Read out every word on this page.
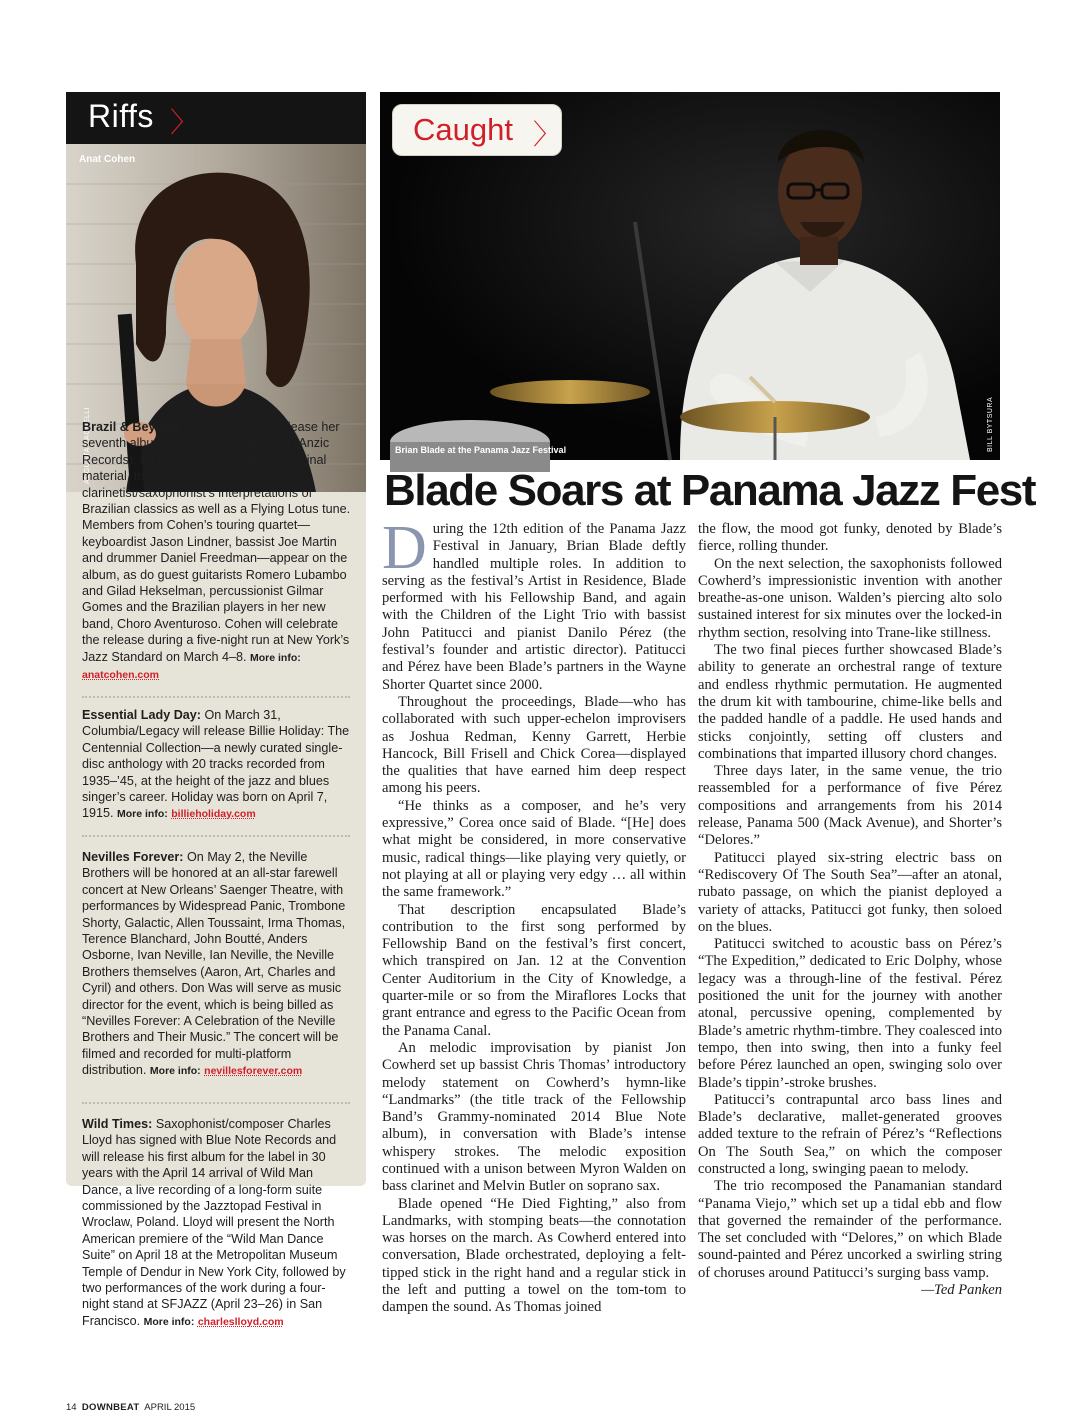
Riffs 〉
Anat Cohen
AUGUSTA SAGNELLI
Brazil & Beyond: Anat Cohen will release her seventh album as a leader, Luminosa (Anzic Records), on March 3. In addition to original material, the CD includes the clarinetist/saxophonist’s interpretations of Brazilian classics as well as a Flying Lotus tune. Members from Cohen’s touring quartet—keyboardist Jason Lindner, bassist Joe Martin and drummer Daniel Freedman—appear on the album, as do guest guitarists Romero Lubambo and Gilad Hekselman, percussionist Gilmar Gomes and the Brazilian players in her new band, Choro Aventuroso. Cohen will celebrate the release during a five-night run at New York’s Jazz Standard on March 4–8. More info: anatcohen.com
Essential Lady Day: On March 31, Columbia/Legacy will release Billie Holiday: The Centennial Collection—a newly curated single-disc anthology with 20 tracks recorded from 1935–’45, at the height of the jazz and blues singer’s career. Holiday was born on April 7, 1915. More info: billieholiday.com
Nevilles Forever: On May 2, the Neville Brothers will be honored at an all-star farewell concert at New Orleans’ Saenger Theatre, with performances by Widespread Panic, Trombone Shorty, Galactic, Allen Toussaint, Irma Thomas, Terence Blanchard, John Boutté, Anders Osborne, Ivan Neville, Ian Neville, the Neville Brothers themselves (Aaron, Art, Charles and Cyril) and others. Don Was will serve as music director for the event, which is being billed as “Nevilles Forever: A Celebration of the Neville Brothers and Their Music.” The concert will be filmed and recorded for multi-platform distribution. More info: nevillesforever.com
Wild Times: Saxophonist/composer Charles Lloyd has signed with Blue Note Records and will release his first album for the label in 30 years with the April 14 arrival of Wild Man Dance, a live recording of a long-form suite commissioned by the Jazztopad Festival in Wroclaw, Poland. Lloyd will present the North American premiere of the “Wild Man Dance Suite” on April 18 at the Metropolitan Museum Temple of Dendur in New York City, followed by two performances of the work during a four-night stand at SFJAZZ (April 23–26) in San Francisco. More info: charleslloyd.com
Caught 〉
Brian Blade at the Panama Jazz Festival	BILL BYTSURA
Blade Soars at Panama Jazz Fest

During the 12th edition of the Panama Jazz Festival in January, Brian Blade deftly handled multiple roles. In addition to serving as the festival’s Artist in Residence, Blade performed with his Fellowship Band, and again with the Children of the Light Trio with bassist John Patitucci and pianist Danilo Pérez (the festival’s founder and artistic director). Patitucci and Pérez have been Blade’s partners in the Wayne Shorter Quartet since 2000.

Throughout the proceedings, Blade—who has collaborated with such upper-echelon improvisers as Joshua Redman, Kenny Garrett, Herbie Hancock, Bill Frisell and Chick Corea—displayed the qualities that have earned him deep respect among his peers.

“He thinks as a composer, and he’s very expressive,” Corea once said of Blade. “[He] does what might be considered, in more conservative music, radical things—like playing very quietly, or not playing at all or playing very edgy … all within the same framework.”

That description encapsulated Blade’s contribution to the first song performed by Fellowship Band on the festival’s first concert, which transpired on Jan. 12 at the Convention Center Auditorium in the City of Knowledge, a quarter-mile or so from the Miraflores Locks that grant entrance and egress to the Pacific Ocean from the Panama Canal.

An melodic improvisation by pianist Jon Cowherd set up bassist Chris Thomas’ introductory melody statement on Cowherd’s hymn-like “Landmarks” (the title track of the Fellowship Band’s Grammy-nominated 2014 Blue Note album), in conversation with Blade’s intense whispery strokes. The melodic exposition continued with a unison between Myron Walden on bass clarinet and Melvin Butler on soprano sax.

Blade opened “He Died Fighting,” also from Landmarks, with stomping beats—the connotation was horses on the march. As Cowherd entered into conversation, Blade orchestrated, deploying a felt-tipped stick in the right hand and a regular stick in the left and putting a towel on the tom-tom to dampen the sound. As Thomas joined

the flow, the mood got funky, denoted by Blade’s fierce, rolling thunder.

On the next selection, the saxophonists followed Cowherd’s impressionistic invention with another breathe-as-one unison. Walden’s piercing alto solo sustained interest for six minutes over the locked-in rhythm section, resolving into Trane-like stillness.

The two final pieces further showcased Blade’s ability to generate an orchestral range of texture and endless rhythmic permutation. He augmented the drum kit with tambourine, chime-like bells and the padded handle of a paddle. He used hands and sticks conjointly, setting off clusters and combinations that imparted illusory chord changes.

Three days later, in the same venue, the trio reassembled for a performance of five Pérez compositions and arrangements from his 2014 release, Panama 500 (Mack Avenue), and Shorter’s “Delores.”

Patitucci played six-string electric bass on “Rediscovery Of The South Sea”—after an atonal, rubato passage, on which the pianist deployed a variety of attacks, Patitucci got funky, then soloed on the blues.

Patitucci switched to acoustic bass on Pérez’s “The Expedition,” dedicated to Eric Dolphy, whose legacy was a through-line of the festival. Pérez positioned the unit for the journey with another atonal, percussive opening, complemented by Blade’s ametric rhythm-timbre. They coalesced into tempo, then into swing, then into a funky feel before Pérez launched an open, swinging solo over Blade’s tippin’-stroke brushes.

Patitucci’s contrapuntal arco bass lines and Blade’s declarative, mallet-generated grooves added texture to the refrain of Pérez’s “Reflections On The South Sea,” on which the composer constructed a long, swinging paean to melody.

The trio recomposed the Panamanian standard “Panama Viejo,” which set up a tidal ebb and flow that governed the remainder of the performance. The set concluded with “Delores,” on which Blade sound-painted and Pérez uncorked a swirling string of choruses around Patitucci’s surging bass vamp.

—Ted Panken
14 DOWNBEAT APRIL 2015
